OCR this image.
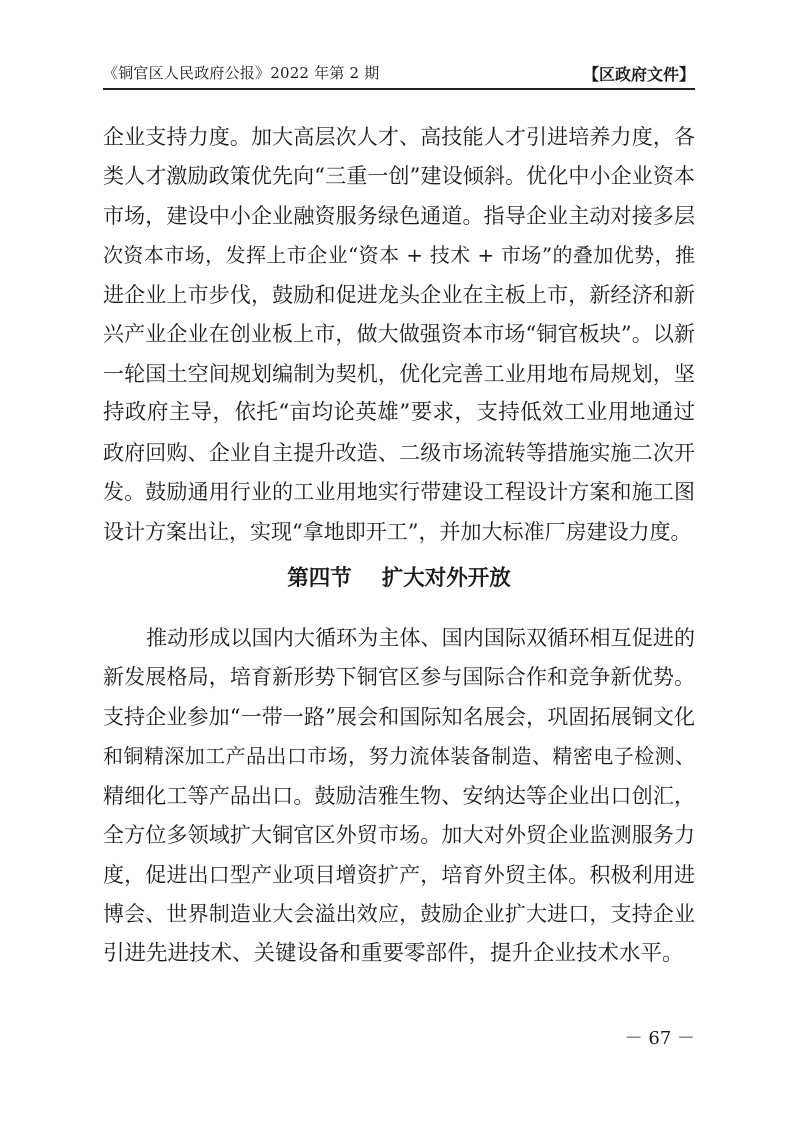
《铜官区人民政府公报》2022 年第 2 期	【区政府文件】
企业支持力度。加大高层次人才、高技能人才引进培养力度，各
类人才激励政策优先向“三重一创”建设倾斜。优化中小企业资本
市场，建设中小企业融资服务绿色通道。指导企业主动对接多层
次资本市场，发挥上市企业“资本 + 技术 + 市场”的叠加优势，推
进企业上市步伐，鼓励和促进龙头企业在主板上市，新经济和新
兴产业企业在创业板上市，做大做强资本市场“铜官板块”。以新
一轮国土空间规划编制为契机，优化完善工业用地布局规划，坚
持政府主导，依托“亩均论英雄”要求，支持低效工业用地通过
政府回购、企业自主提升改造、二级市场流转等措施实施二次开
发。鼓励通用行业的工业用地实行带建设工程设计方案和施工图
设计方案出让，实现“拿地即开工”，并加大标准厂房建设力度。
第四节    扩大对外开放
推动形成以国内大循环为主体、国内国际双循环相互促进的
新发展格局，培育新形势下铜官区参与国际合作和竞争新优势。
支持企业参加“一带一路”展会和国际知名展会，巩固拓展铜文化
和铜精深加工产品出口市场，努力流体装备制造、精密电子检测、
精细化工等产品出口。鼓励洁雅生物、安纳达等企业出口创汇，
全方位多领域扩大铜官区外贸市场。加大对外贸企业监测服务力
度，促进出口型产业项目增资扩产，培育外贸主体。积极利用进
博会、世界制造业大会溢出效应，鼓励企业扩大进口，支持企业
引进先进技术、关键设备和重要零部件，提升企业技术水平。
－ 67 －
